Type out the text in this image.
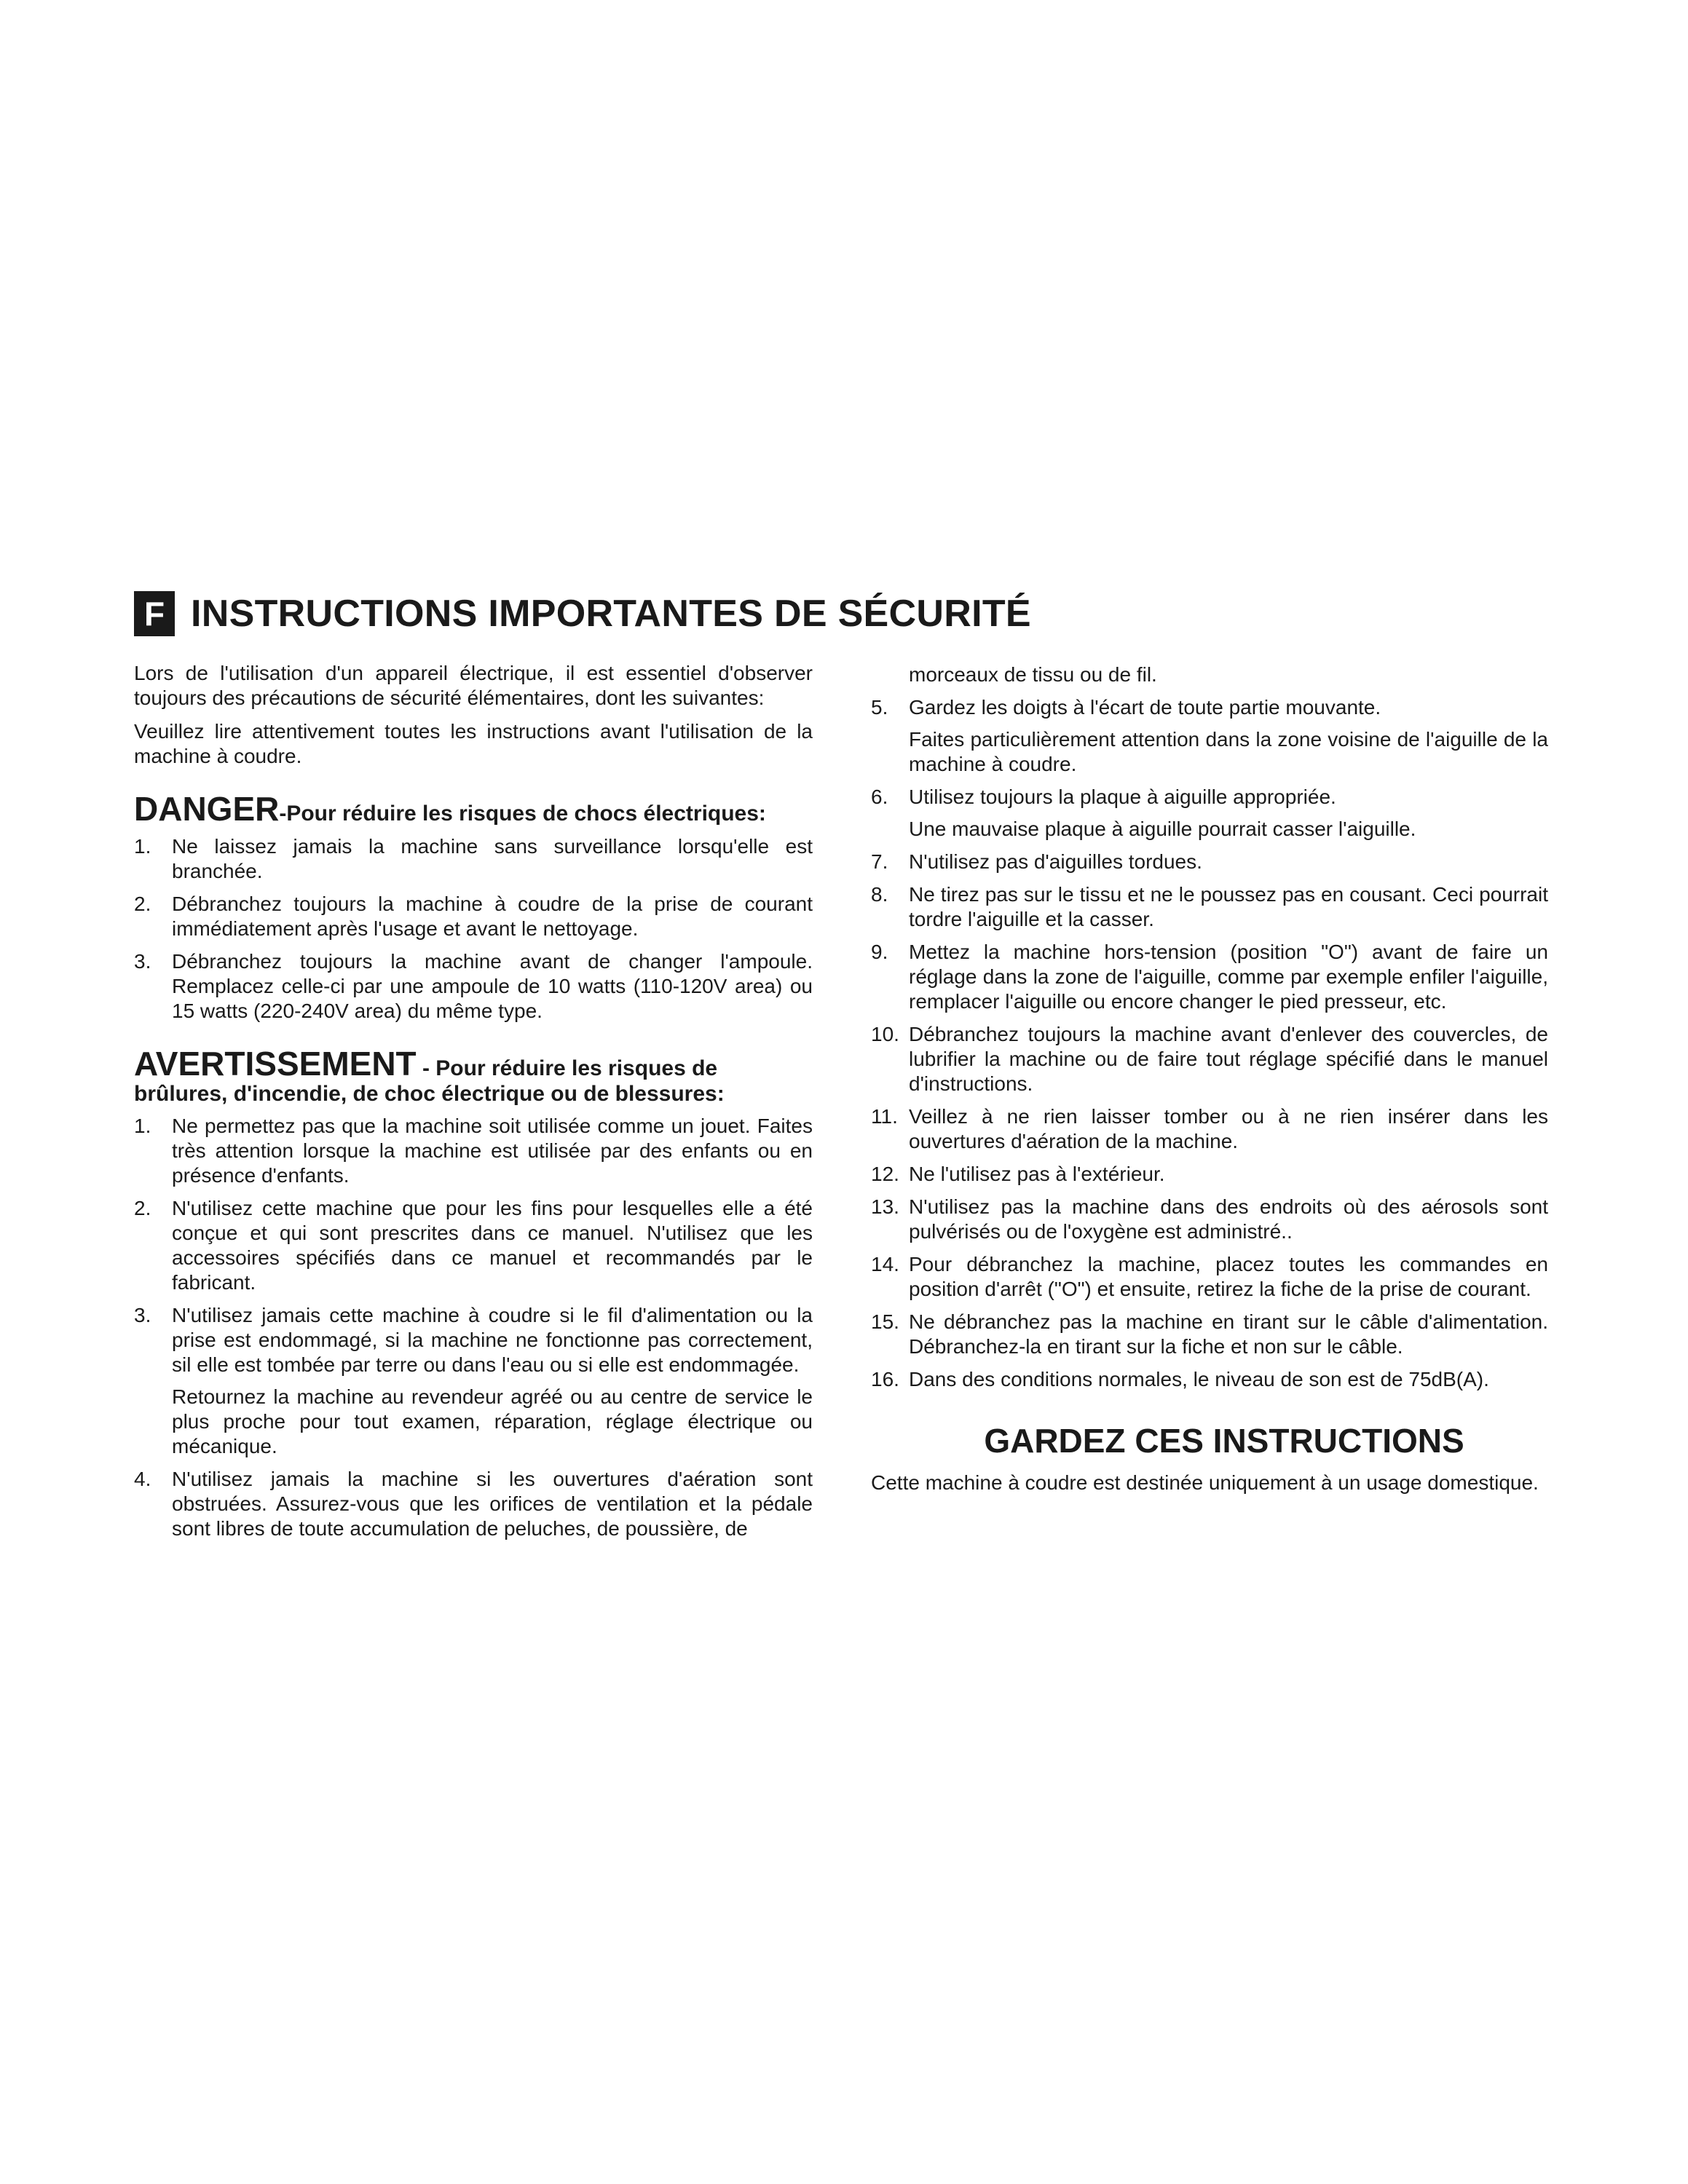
F INSTRUCTIONS IMPORTANTES DE SÉCURITÉ

Lors de l'utilisation d'un appareil électrique, il est essentiel d'observer toujours des précautions de sécurité élémentaires, dont les suivantes:

Veuillez lire attentivement toutes les instructions avant l'utilisation de la machine à coudre.

DANGER-Pour réduire les risques de chocs électriques:
1. Ne laissez jamais la machine sans surveillance lorsqu'elle est branchée.
2. Débranchez toujours la machine à coudre de la prise de courant immédiatement après l'usage et avant le nettoyage.
3. Débranchez toujours la machine avant de changer l'ampoule. Remplacez celle-ci par une ampoule de 10 watts (110-120V area) ou 15 watts (220-240V area) du même type.
AVERTISSEMENT - Pour réduire les risques de brûlures, d'incendie, de choc électrique ou de blessures:
1. Ne permettez pas que la machine soit utilisée comme un jouet. Faites très attention lorsque la machine est utilisée par des enfants ou en présence d'enfants.
2. N'utilisez cette machine que pour les fins pour lesquelles elle a été conçue et qui sont prescrites dans ce manuel. N'utilisez que les accessoires spécifiés dans ce manuel et recommandés par le fabricant.
3. N'utilisez jamais cette machine à coudre si le fil d'alimentation ou la prise est endommagé, si la machine ne fonctionne pas correctement, sil elle est tombée par terre ou dans l'eau ou si elle est endommagée.
Retournez la machine au revendeur agréé ou au centre de service le plus proche pour tout examen, réparation, réglage électrique ou mécanique.
4. N'utilisez jamais la machine si les ouvertures d'aération sont obstruées. Assurez-vous que les orifices de ventilation et la pédale sont libres de toute accumulation de peluches, de poussière, de
morceaux de tissu ou de fil.
5. Gardez les doigts à l'écart de toute partie mouvante.
Faites particulièrement attention dans la zone voisine de l'aiguille de la machine à coudre.
6. Utilisez toujours la plaque à aiguille appropriée.
Une mauvaise plaque à aiguille pourrait casser l'aiguille.
7. N'utilisez pas d'aiguilles tordues.
8. Ne tirez pas sur le tissu et ne le poussez pas en cousant. Ceci pourrait tordre l'aiguille et la casser.
9. Mettez la machine hors-tension (position "O") avant de faire un réglage dans la zone de l'aiguille, comme par exemple enfiler l'aiguille, remplacer l'aiguille ou encore changer le pied presseur, etc.
10. Débranchez toujours la machine avant d'enlever des couvercles, de lubrifier la machine ou de faire tout réglage spécifié dans le manuel d'instructions.
11. Veillez à ne rien laisser tomber ou à ne rien insérer dans les ouvertures d'aération de la machine.
12. Ne l'utilisez pas à l'extérieur.
13. N'utilisez pas la machine dans des endroits où des aérosols sont pulvérisés ou de l'oxygène est administré..
14. Pour débranchez la machine, placez toutes les commandes en position d'arrêt ("O") et ensuite, retirez la fiche de la prise de courant.
15. Ne débranchez pas la machine en tirant sur le câble d'alimentation. Débranchez-la en tirant sur la fiche et non sur le câble.
16. Dans des conditions normales, le niveau de son est de 75dB(A).
GARDEZ CES INSTRUCTIONS

Cette machine à coudre est destinée uniquement à un usage domestique.
